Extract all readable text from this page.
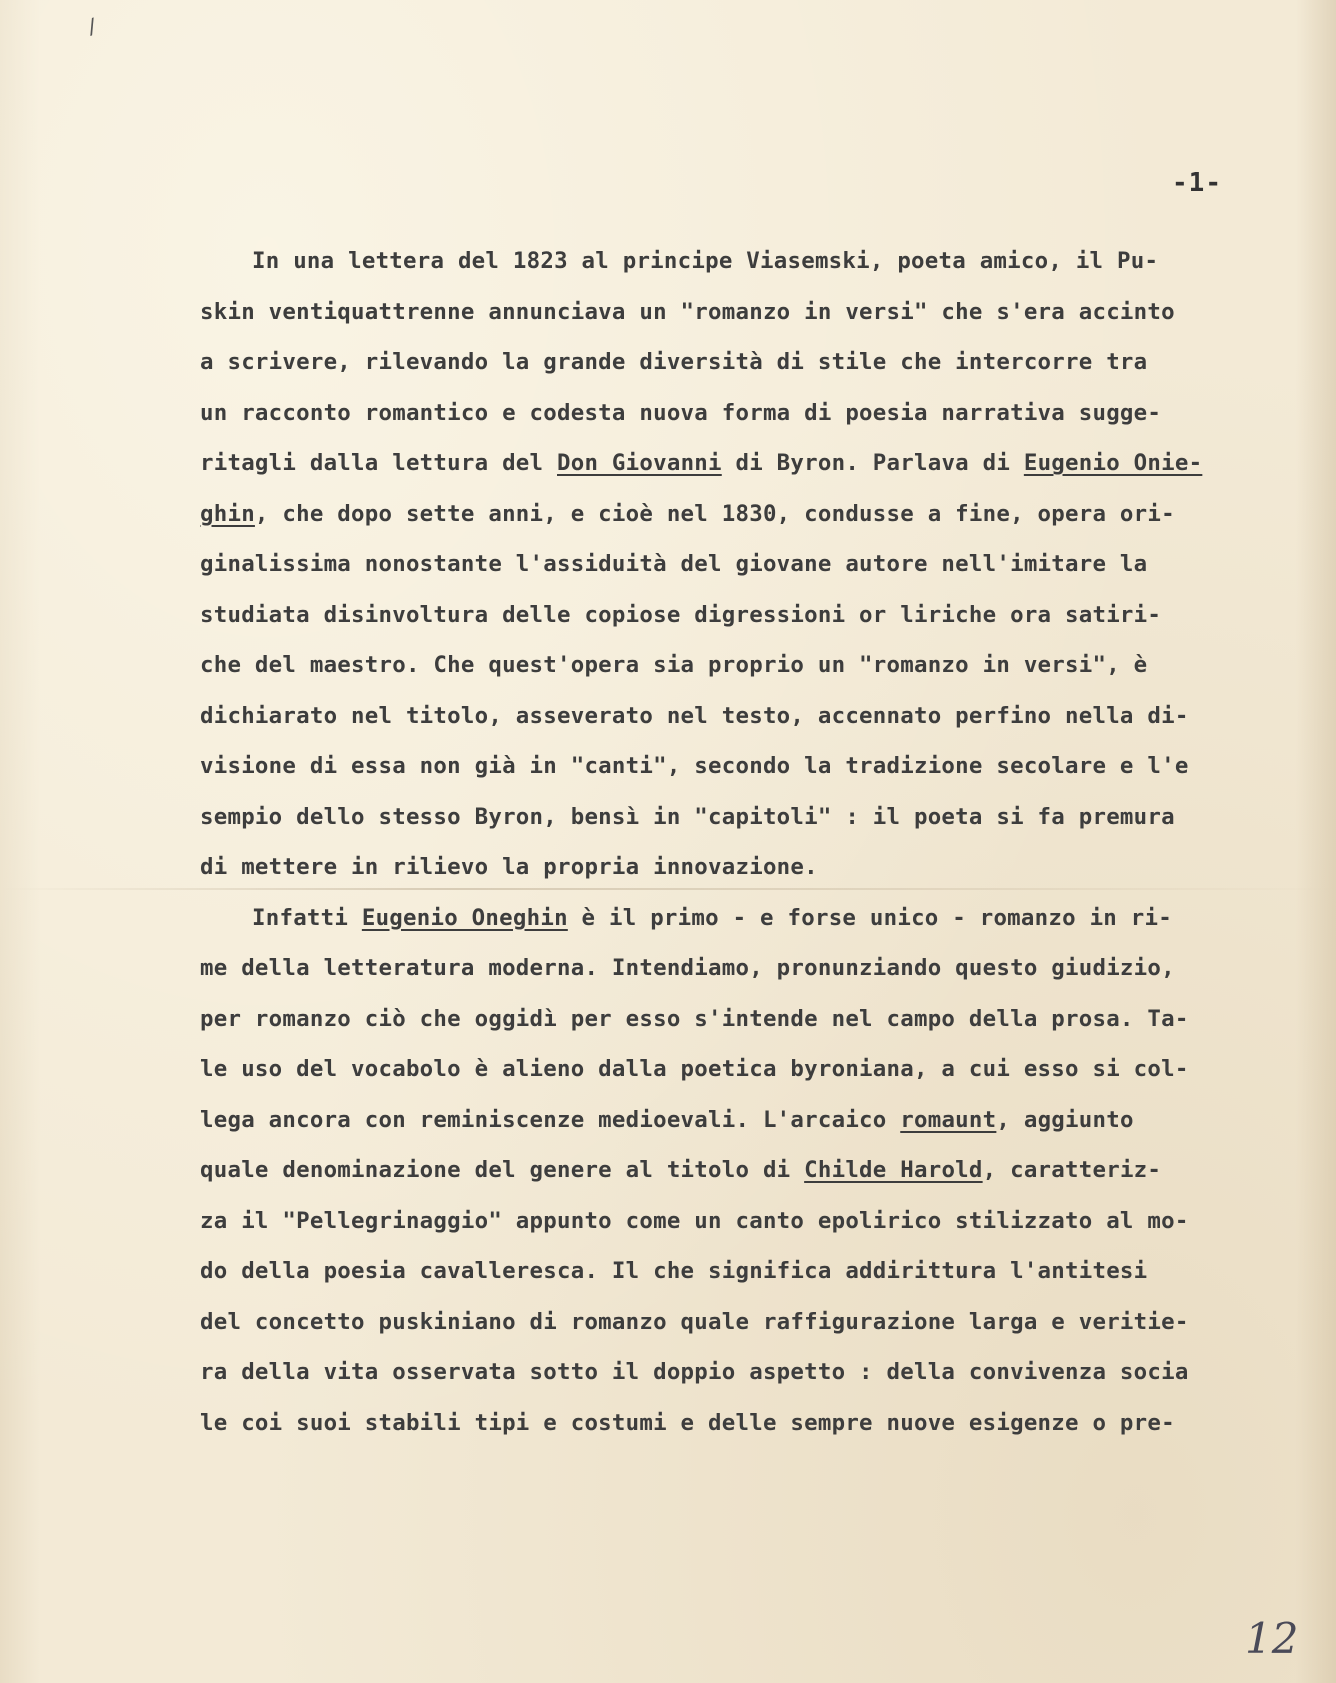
/
-1-
In una lettera del 1823 al principe Viasemski, poeta amico, il Pu-
skin ventiquattrenne annunciava un "romanzo in versi" che s'era accinto
a scrivere, rilevando la grande diversità di stile che intercorre tra
un racconto romantico e codesta nuova forma di poesia narrativa sugge-
ritagli dalla lettura del Don Giovanni di Byron. Parlava di Eugenio Onie-
ghin, che dopo sette anni, e cioè nel 1830, condusse a fine, opera ori-
ginalissima nonostante l'assiduità del giovane autore nell'imitare la
studiata disinvoltura delle copiose digressioni or liriche ora satiri-
che del maestro. Che quest'opera sia proprio un "romanzo in versi", è
dichiarato nel titolo, asseverato nel testo, accennato perfino nella di-
visione di essa non già in "canti", secondo la tradizione secolare e l'e
sempio dello stesso Byron, bensì in "capitoli" : il poeta si fa premura
di mettere in rilievo la propria innovazione.
Infatti Eugenio Oneghin è il primo - e forse unico - romanzo in ri-
me della letteratura moderna. Intendiamo, pronunziando questo giudizio,
per romanzo ciò che oggidì per esso s'intende nel campo della prosa. Ta-
le uso del vocabolo è alieno dalla poetica byroniana, a cui esso si col-
lega ancora con reminiscenze medioevali. L'arcaico romaunt, aggiunto
quale denominazione del genere al titolo di Childe Harold, caratteriz-
za il "Pellegrinaggio" appunto come un canto epolirico stilizzato al mo-
do della poesia cavalleresca. Il che significa addirittura l'antitesi
del concetto puskiniano di romanzo quale raffigurazione larga e veritie-
ra della vita osservata sotto il doppio aspetto : della convivenza socia
le coi suoi stabili tipi e costumi e delle sempre nuove esigenze o pre-
12
